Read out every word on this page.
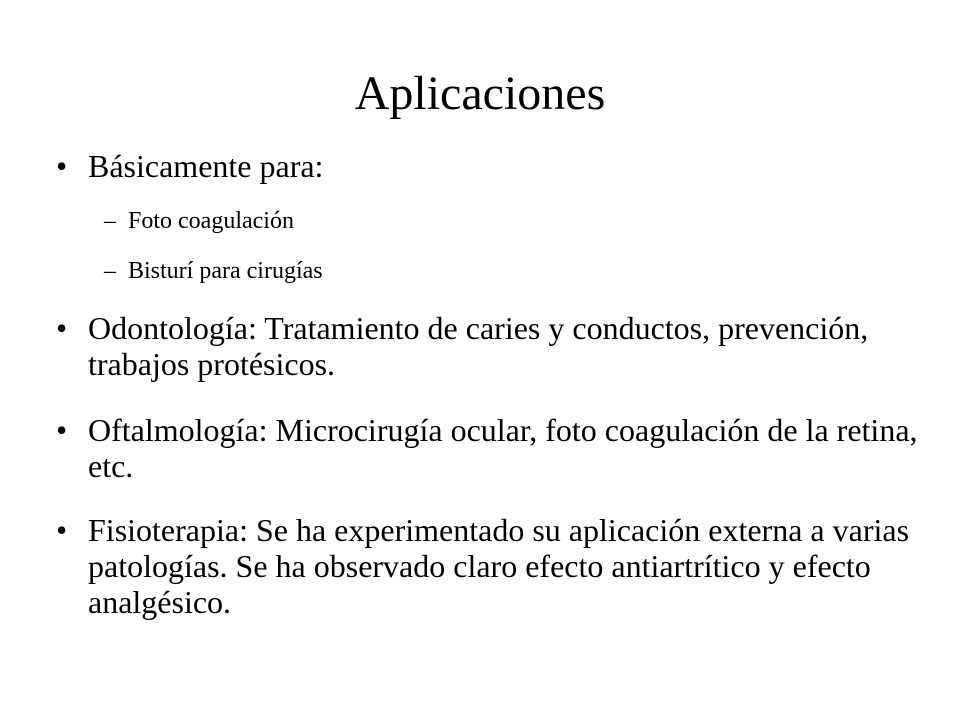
Aplicaciones
• Básicamente para:
– Foto coagulación
– Bisturí para cirugías
• Odontología: Tratamiento de caries y conductos, prevención, trabajos protésicos.
• Oftalmología: Microcirugía ocular, foto coagulación de la retina, etc.
• Fisioterapia: Se ha experimentado su aplicación externa a varias patologías. Se ha observado claro efecto antiartrítico y efecto analgésico.
